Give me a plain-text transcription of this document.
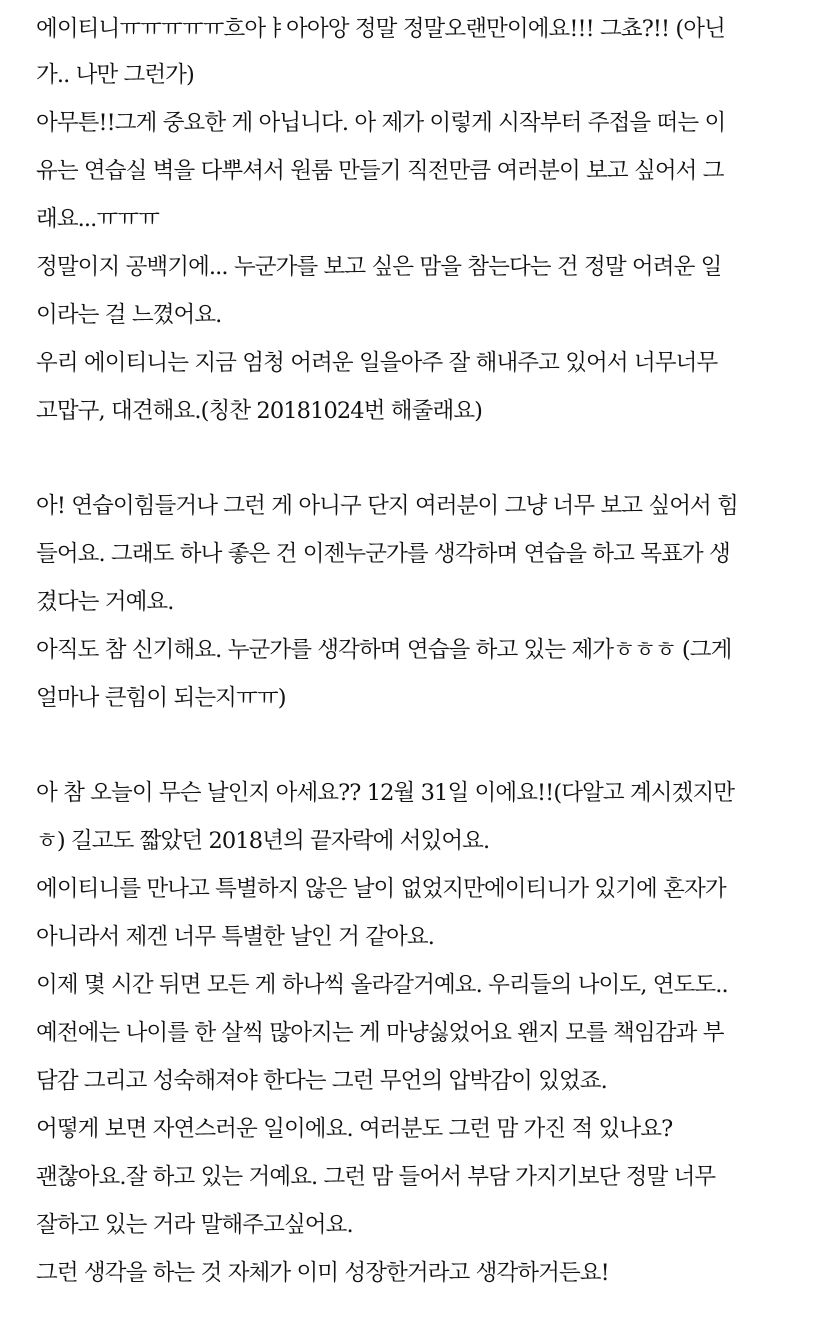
에이티니ㅠㅠㅠㅠㅠ흐아ㅑ아아앙 정말 정말오랜만이에요!!! 그쵸?!! (아닌
가.. 나만 그런가)
아무튼!!그게 중요한 게 아닙니다. 아 제가 이렇게 시작부터 주접을 떠는 이
유는 연습실 벽을 다뿌셔서 원룸 만들기 직전만큼 여러분이 보고 싶어서 그
래요...ㅠㅠㅠ
정말이지 공백기에... 누군가를 보고 싶은 맘을 참는다는 건 정말 어려운 일
이라는 걸 느꼈어요.
우리 에이티니는 지금 엄청 어려운 일을아주 잘 해내주고 있어서 너무너무
고맙구, 대견해요.(칭찬 20181024번 해줄래요)
아! 연습이힘들거나 그런 게 아니구 단지 여러분이 그냥 너무 보고 싶어서 힘
들어요. 그래도 하나 좋은 건 이젠누군가를 생각하며 연습을 하고 목표가 생
겼다는 거예요.
아직도 참 신기해요. 누군가를 생각하며 연습을 하고 있는 제가ㅎㅎㅎ (그게
얼마나 큰힘이 되는지ㅠㅠ)
아 참 오늘이 무슨 날인지 아세요?? 12월 31일 이에요!!(다알고 계시겠지만
ㅎ) 길고도 짧았던 2018년의 끝자락에 서있어요.
에이티니를 만나고 특별하지 않은 날이 없었지만에이티니가 있기에 혼자가
아니라서 제겐 너무 특별한 날인 거 같아요.
이제 몇 시간 뒤면 모든 게 하나씩 올라갈거예요. 우리들의 나이도, 연도도..
예전에는 나이를 한 살씩 많아지는 게 마냥싫었어요 왠지 모를 책임감과 부
담감 그리고 성숙해져야 한다는 그런 무언의 압박감이 있었죠.
어떻게 보면 자연스러운 일이에요. 여러분도 그런 맘 가진 적 있나요?
괜찮아요.잘 하고 있는 거예요. 그런 맘 들어서 부담 가지기보단 정말 너무
잘하고 있는 거라 말해주고싶어요.
그런 생각을 하는 것 자체가 이미 성장한거라고 생각하거든요!
